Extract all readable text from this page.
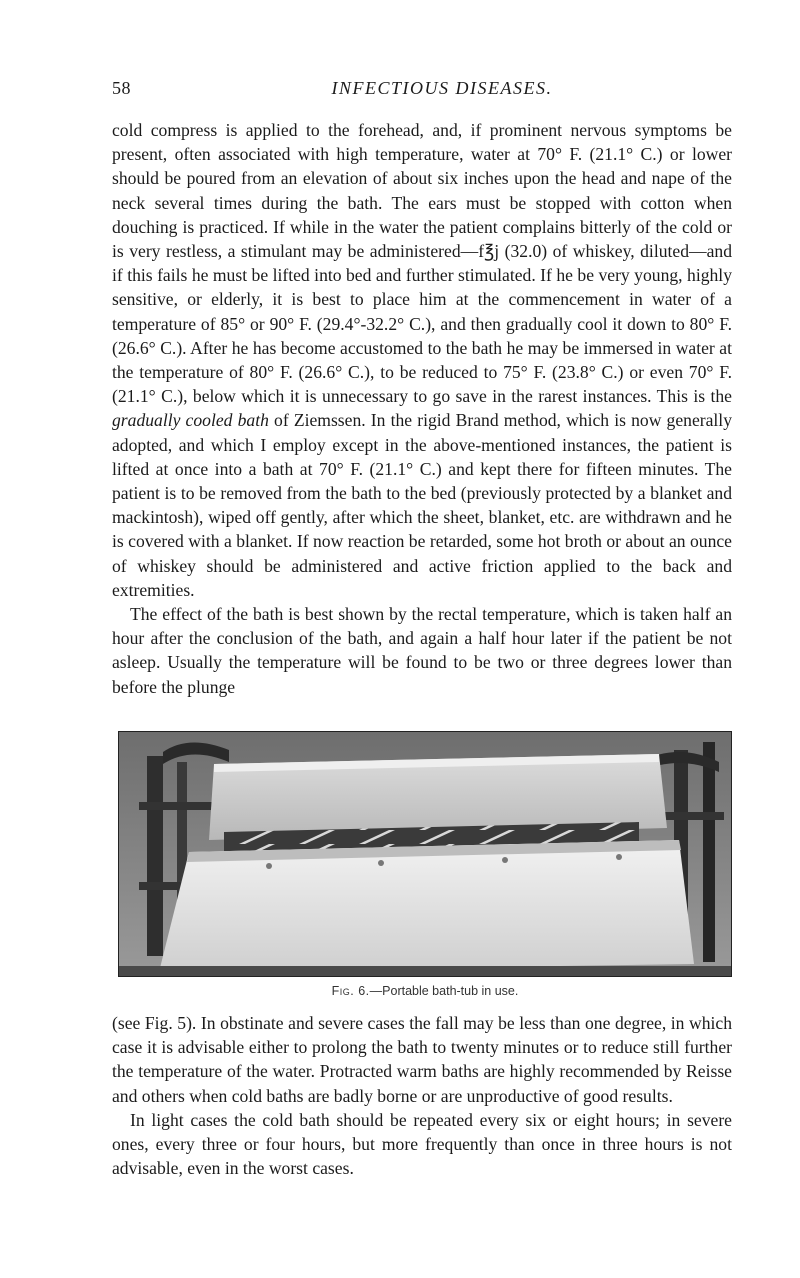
58	INFECTIOUS DISEASES.

cold compress is applied to the forehead, and, if prominent nervous symptoms be present, often associated with high temperature, water at 70° F. (21.1° C.) or lower should be poured from an elevation of about six inches upon the head and nape of the neck several times during the bath. The ears must be stopped with cotton when douching is practiced. If while in the water the patient complains bitterly of the cold or is very restless, a stimulant may be administered—f℥j (32.0) of whiskey, diluted—and if this fails he must be lifted into bed and further stimulated. If he be very young, highly sensitive, or elderly, it is best to place him at the commencement in water of a temperature of 85° or 90° F. (29.4°-32.2° C.), and then gradually cool it down to 80° F. (26.6° C.). After he has become accustomed to the bath he may be immersed in water at the temperature of 80° F. (26.6° C.), to be reduced to 75° F. (23.8° C.) or even 70° F. (21.1° C.), below which it is unnecessary to go save in the rarest instances. This is the gradually cooled bath of Ziemssen. In the rigid Brand method, which is now generally adopted, and which I employ except in the above-mentioned instances, the patient is lifted at once into a bath at 70° F. (21.1° C.) and kept there for fifteen minutes. The patient is to be removed from the bath to the bed (previously protected by a blanket and mackintosh), wiped off gently, after which the sheet, blanket, etc. are withdrawn and he is covered with a blanket. If now reaction be retarded, some hot broth or about an ounce of whiskey should be administered and active friction applied to the back and extremities.

The effect of the bath is best shown by the rectal temperature, which is taken half an hour after the conclusion of the bath, and again a half hour later if the patient be not asleep. Usually the temperature will be found to be two or three degrees lower than before the plunge

Fig. 6.—Portable bath-tub in use.

(see Fig. 5). In obstinate and severe cases the fall may be less than one degree, in which case it is advisable either to prolong the bath to twenty minutes or to reduce still further the temperature of the water. Protracted warm baths are highly recommended by Reisse and others when cold baths are badly borne or are unproductive of good results.

In light cases the cold bath should be repeated every six or eight hours; in severe ones, every three or four hours, but more frequently than once in three hours is not advisable, even in the worst cases.
